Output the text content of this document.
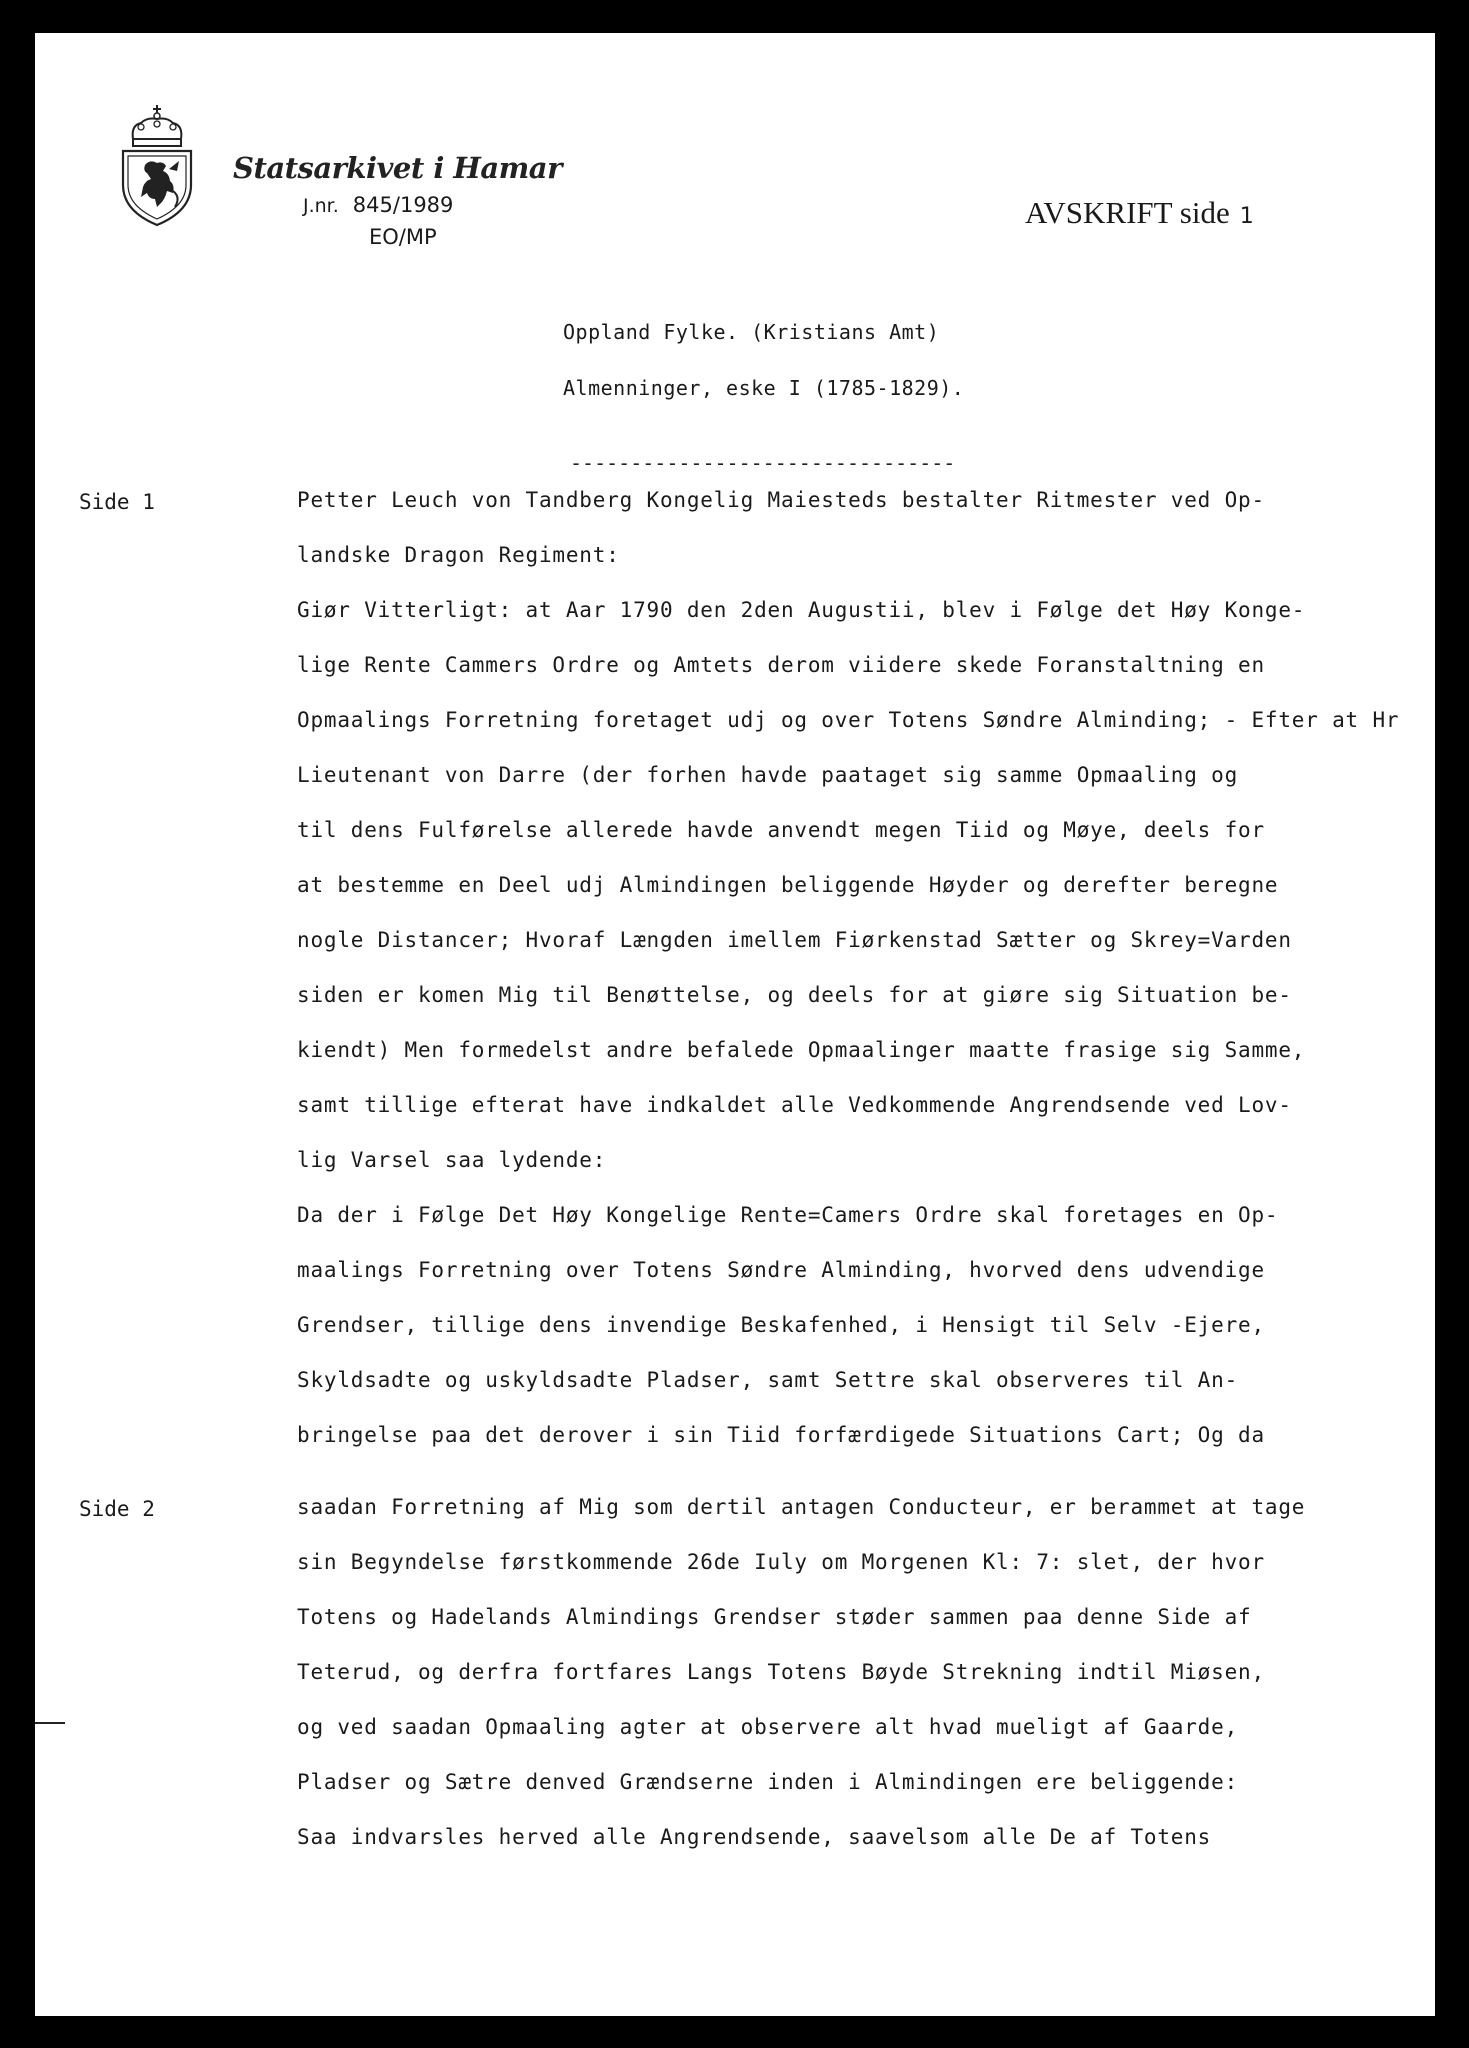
Statsarkivet i Hamar
J.nr. 845/1989
EO/MP
AVSKRIFT side 1
Oppland Fylke. (Kristians Amt)
Almenninger, eske I (1785-1829).
--------------------------------
Side 1
Side 2
Petter Leuch von Tandberg Kongelig Maiesteds bestalter Ritmester ved Op-
landske Dragon Regiment:
Giør Vitterligt: at Aar 1790 den 2den Augustii, blev i Følge det Høy Konge-
lige Rente Cammers Ordre og Amtets derom viidere skede Foranstaltning en
Opmaalings Forretning foretaget udj og over Totens Søndre Alminding; - Efter at Hr
Lieutenant von Darre (der forhen havde paataget sig samme Opmaaling og
til dens Fulførelse allerede havde anvendt megen Tiid og Møye, deels for
at bestemme en Deel udj Almindingen beliggende Høyder og derefter beregne
nogle Distancer; Hvoraf Længden imellem Fiørkenstad Sætter og Skrey=Varden
siden er komen Mig til Benøttelse, og deels for at giøre sig Situation be-
kiendt) Men formedelst andre befalede Opmaalinger maatte frasige sig Samme,
samt tillige efterat have indkaldet alle Vedkommende Angrendsende ved Lov-
lig Varsel saa lydende:
Da der i Følge Det Høy Kongelige Rente=Camers Ordre skal foretages en Op-
maalings Forretning over Totens Søndre Alminding, hvorved dens udvendige
Grendser, tillige dens invendige Beskafenhed, i Hensigt til Selv -Ejere,
Skyldsadte og uskyldsadte Pladser, samt Settre skal observeres til An-
bringelse paa det derover i sin Tiid forfærdigede Situations Cart; Og da
saadan Forretning af Mig som dertil antagen Conducteur, er berammet at tage
sin Begyndelse førstkommende 26de Iuly om Morgenen Kl: 7: slet, der hvor
Totens og Hadelands Almindings Grendser støder sammen paa denne Side af
Teterud, og derfra fortfares Langs Totens Bøyde Strekning indtil Miøsen,
og ved saadan Opmaaling agter at observere alt hvad mueligt af Gaarde,
Pladser og Sætre denved Grændserne inden i Almindingen ere beliggende:
Saa indvarsles herved alle Angrendsende, saavelsom alle De af Totens
